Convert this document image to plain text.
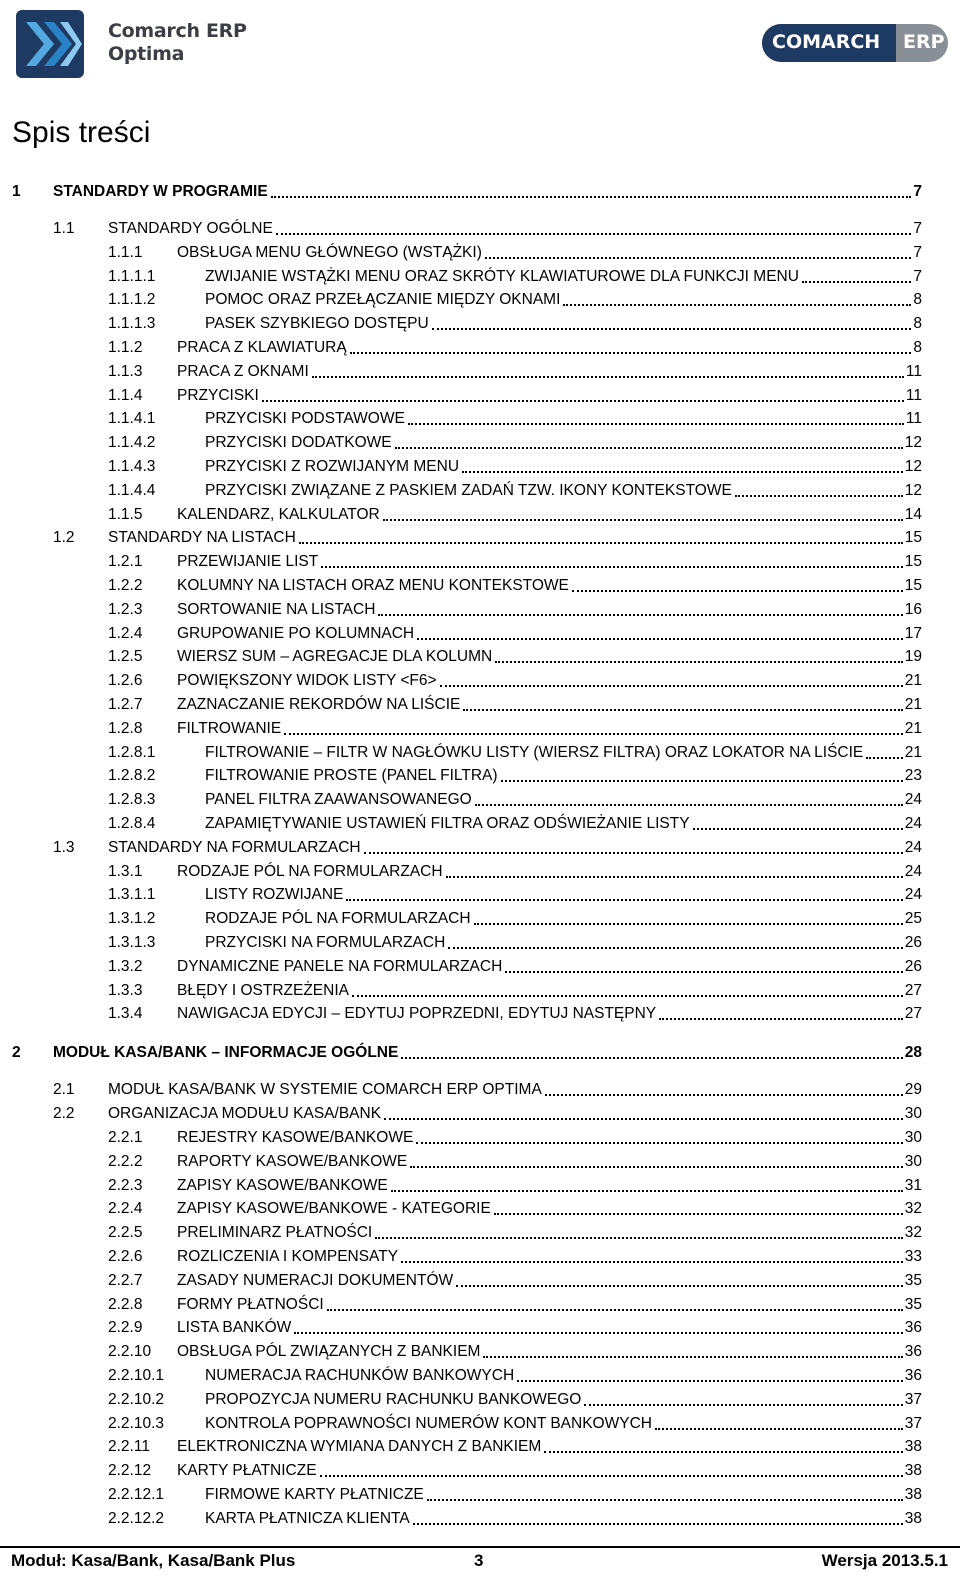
Comarch ERP
Optima
COMARCH ERP
Spis treści
1 STANDARDY W PROGRAMIE	7
1.1 STANDARDY OGÓLNE	7
1.1.1 OBSŁUGA MENU GŁÓWNEGO (WSTĄŻKI)	7
1.1.1.1	ZWIJANIE WSTĄŻKI MENU ORAZ SKRÓTY KLAWIATUROWE DLA FUNKCJI MENU	7
1.1.1.2	POMOC ORAZ PRZEŁĄCZANIE MIĘDZY OKNAMI	8
1.1.1.3	PASEK SZYBKIEGO DOSTĘPU	8
1.1.2 PRACA Z KLAWIATURĄ	8
1.1.3 PRACA Z OKNAMI	11
1.1.4 PRZYCISKI	11
1.1.4.1	PRZYCISKI PODSTAWOWE	11
1.1.4.2	PRZYCISKI DODATKOWE	12
1.1.4.3	PRZYCISKI Z ROZWIJANYM MENU	12
1.1.4.4	PRZYCISKI ZWIĄZANE Z PASKIEM ZADAŃ TZW. IKONY KONTEKSTOWE	12
1.1.5 KALENDARZ, KALKULATOR	14
1.2 STANDARDY NA LISTACH	15
1.2.1 PRZEWIJANIE LIST	15
1.2.2 KOLUMNY NA LISTACH ORAZ MENU KONTEKSTOWE	15
1.2.3 SORTOWANIE NA LISTACH	16
1.2.4 GRUPOWANIE PO KOLUMNACH	17
1.2.5 WIERSZ SUM – AGREGACJE DLA KOLUMN	19
1.2.6 POWIĘKSZONY WIDOK LISTY <F6>	21
1.2.7 ZAZNACZANIE REKORDÓW NA LIŚCIE	21
1.2.8 FILTROWANIE	21
1.2.8.1	FILTROWANIE – FILTR W NAGŁÓWKU LISTY (WIERSZ FILTRA) ORAZ LOKATOR NA LIŚCIE	21
1.2.8.2	FILTROWANIE PROSTE (PANEL FILTRA)	23
1.2.8.3	PANEL FILTRA ZAAWANSOWANEGO	24
1.2.8.4	ZAPAMIĘTYWANIE USTAWIEŃ FILTRA ORAZ ODŚWIEŻANIE LISTY	24
1.3 STANDARDY NA FORMULARZACH	24
1.3.1 RODZAJE PÓL NA FORMULARZACH	24
1.3.1.1	LISTY ROZWIJANE	24
1.3.1.2	RODZAJE PÓL NA FORMULARZACH	25
1.3.1.3	PRZYCISKI NA FORMULARZACH	26
1.3.2 DYNAMICZNE PANELE NA FORMULARZACH	26
1.3.3 BŁĘDY I OSTRZEŻENIA	27
1.3.4 NAWIGACJA EDYCJI – EDYTUJ POPRZEDNI, EDYTUJ NASTĘPNY	27
2 MODUŁ KASA/BANK – INFORMACJE OGÓLNE	28
2.1 MODUŁ KASA/BANK W SYSTEMIE COMARCH ERP OPTIMA	29
2.2 ORGANIZACJA MODUŁU KASA/BANK	30
2.2.1 REJESTRY KASOWE/BANKOWE	30
2.2.2 RAPORTY KASOWE/BANKOWE	30
2.2.3 ZAPISY KASOWE/BANKOWE	31
2.2.4 ZAPISY KASOWE/BANKOWE - KATEGORIE	32
2.2.5 PRELIMINARZ PŁATNOŚCI	32
2.2.6 ROZLICZENIA I KOMPENSATY	33
2.2.7 ZASADY NUMERACJI DOKUMENTÓW	35
2.2.8 FORMY PŁATNOŚCI	35
2.2.9 LISTA BANKÓW	36
2.2.10 OBSŁUGA PÓL ZWIĄZANYCH Z BANKIEM	36
2.2.10.1	NUMERACJA RACHUNKÓW BANKOWYCH	36
2.2.10.2	PROPOZYCJA NUMERU RACHUNKU BANKOWEGO	37
2.2.10.3	KONTROLA POPRAWNOŚCI NUMERÓW KONT BANKOWYCH	37
2.2.11 ELEKTRONICZNA WYMIANA DANYCH Z BANKIEM	38
2.2.12 KARTY PŁATNICZE	38
2.2.12.1	FIRMOWE KARTY PŁATNICZE	38
2.2.12.2	KARTA PŁATNICZA KLIENTA	38
Moduł: Kasa/Bank, Kasa/Bank Plus	3	Wersja 2013.5.1
